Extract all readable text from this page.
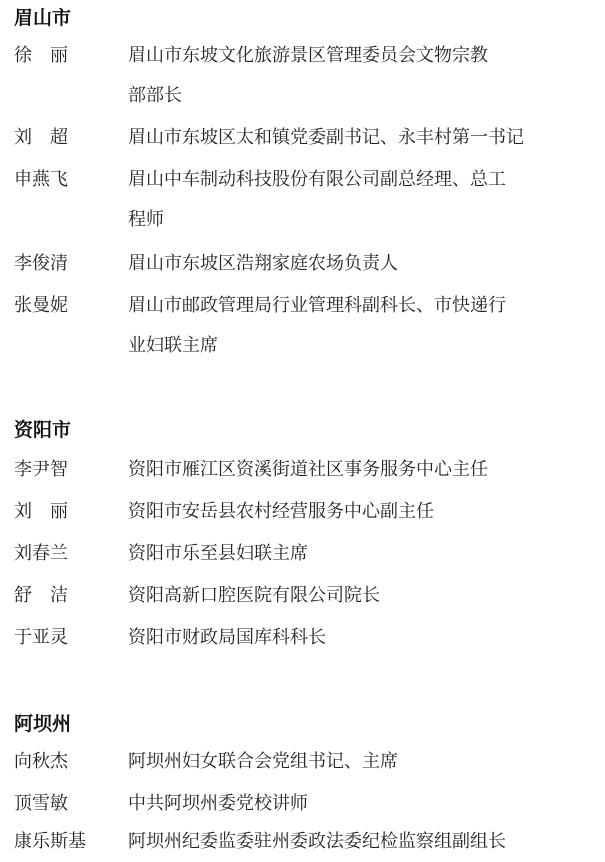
眉山市
徐丽 眉山市东坡文化旅游景区管理委员会文物宗教
部部长
刘超 眉山市东坡区太和镇党委副书记、永丰村第一书记
申燕飞	眉山中车制动科技股份有限公司副总经理、总工
程师
李俊清	眉山市东坡区浩翔家庭农场负责人
张曼妮	眉山市邮政管理局行业管理科副科长、市快递行
业妇联主席
资阳市
李尹智	资阳市雁江区资溪街道社区事务服务中心主任
刘丽 资阳市安岳县农村经营服务中心副主任
刘春兰	资阳市乐至县妇联主席
舒洁 资阳高新口腔医院有限公司院长
于亚灵	资阳市财政局国库科科长
阿坝州
向秋杰	阿坝州妇女联合会党组书记、主席
顶雪敏	中共阿坝州委党校讲师
康乐斯基 阿坝州纪委监委驻州委政法委纪检监察组副组长
